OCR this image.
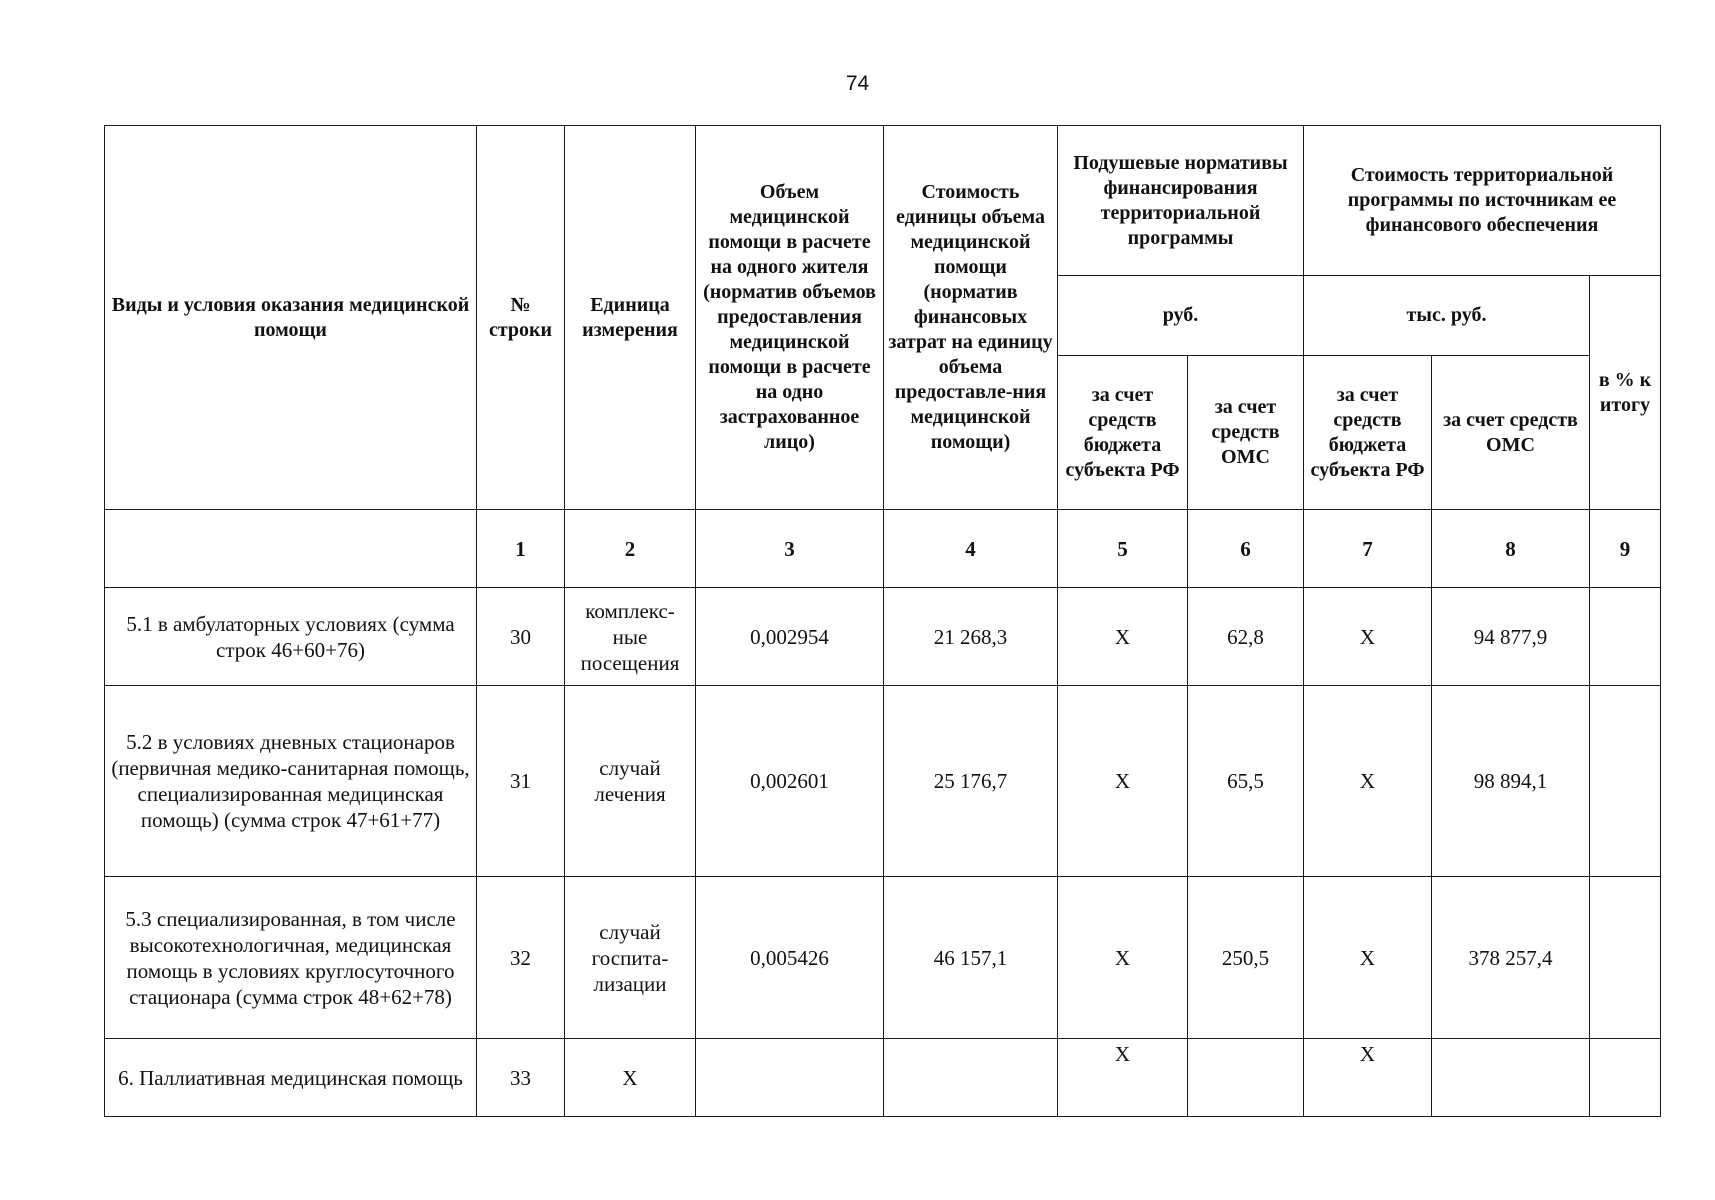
74
Виды и условия оказания медицинской помощи	№ строки	Единица измерения	Объем медицинской помощи в расчете на одного жителя (норматив объемов предоставления медицинской помощи в расчете на одно застрахованное лицо)	Стоимость единицы объема медицинской помощи (норматив финансовых затрат на единицу объема предоставле-ния медицинской помощи)	Подушевые нормативы финансирования территориальной программы		Стоимость территориальной программы по источникам ее финансового обеспечения		
					руб.		тыс. руб.		в % к итогу
					за счет средств бюджета субъекта РФ	за счет средств ОМС	за счет средств бюджета субъекта РФ	за счет средств ОМС	
	1	2	3	4	5	6	7	8	9
5.1 в амбулаторных условиях (сумма строк 46+60+76)	30	комплекс-ные посещения	0,002954	21 268,3	Х	62,8	Х	94 877,9	
5.2 в условиях дневных стационаров (первичная медико-санитарная помощь, специализированная медицинская помощь) (сумма строк 47+61+77)	31	случай лечения	0,002601	25 176,7	Х	65,5	Х	98 894,1	
5.3 специализированная, в том числе высокотехнологичная, медицинская помощь в условиях круглосуточного стационара (сумма строк 48+62+78)	32	случай госпита-лизации	0,005426	46 157,1	Х	250,5	Х	378 257,4	
6. Паллиативная медицинская помощь	33	Х			Х		Х		
